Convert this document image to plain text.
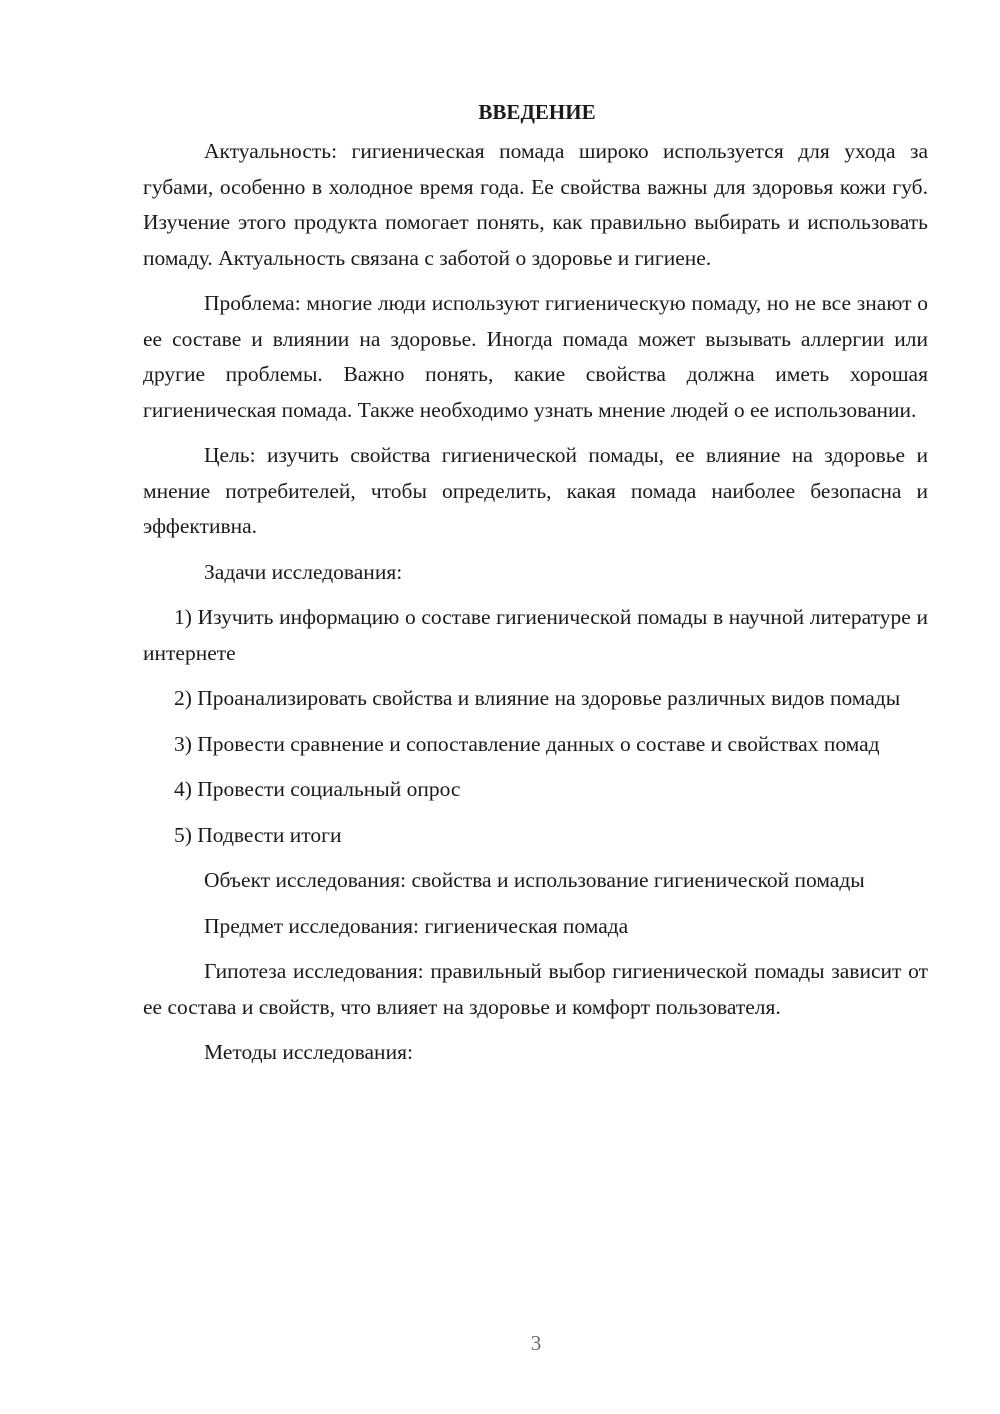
ВВЕДЕНИЕ

Актуальность: гигиеническая помада широко используется для ухода за губами, особенно в холодное время года. Ее свойства важны для здоровья кожи губ. Изучение этого продукта помогает понять, как правильно выбирать и использовать помаду. Актуальность связана с заботой о здоровье и гигиене.

Проблема: многие люди используют гигиеническую помаду, но не все знают о ее составе и влиянии на здоровье. Иногда помада может вызывать аллергии или другие проблемы. Важно понять, какие свойства должна иметь хорошая гигиеническая помада. Также необходимо узнать мнение людей о ее использовании.

Цель: изучить свойства гигиенической помады, ее влияние на здоровье и мнение потребителей, чтобы определить, какая помада наиболее безопасна и эффективна.

Задачи исследования:

1) Изучить информацию о составе гигиенической помады в научной литературе и интернете

2) Проанализировать свойства и влияние на здоровье различных видов помады

3) Провести сравнение и сопоставление данных о составе и свойствах помад

4) Провести социальный опрос

5) Подвести итоги

Объект исследования: свойства и использование гигиенической помады

Предмет исследования: гигиеническая помада

Гипотеза исследования: правильный выбор гигиенической помады зависит от ее состава и свойств, что влияет на здоровье и комфорт пользователя.

Методы исследования:

3
